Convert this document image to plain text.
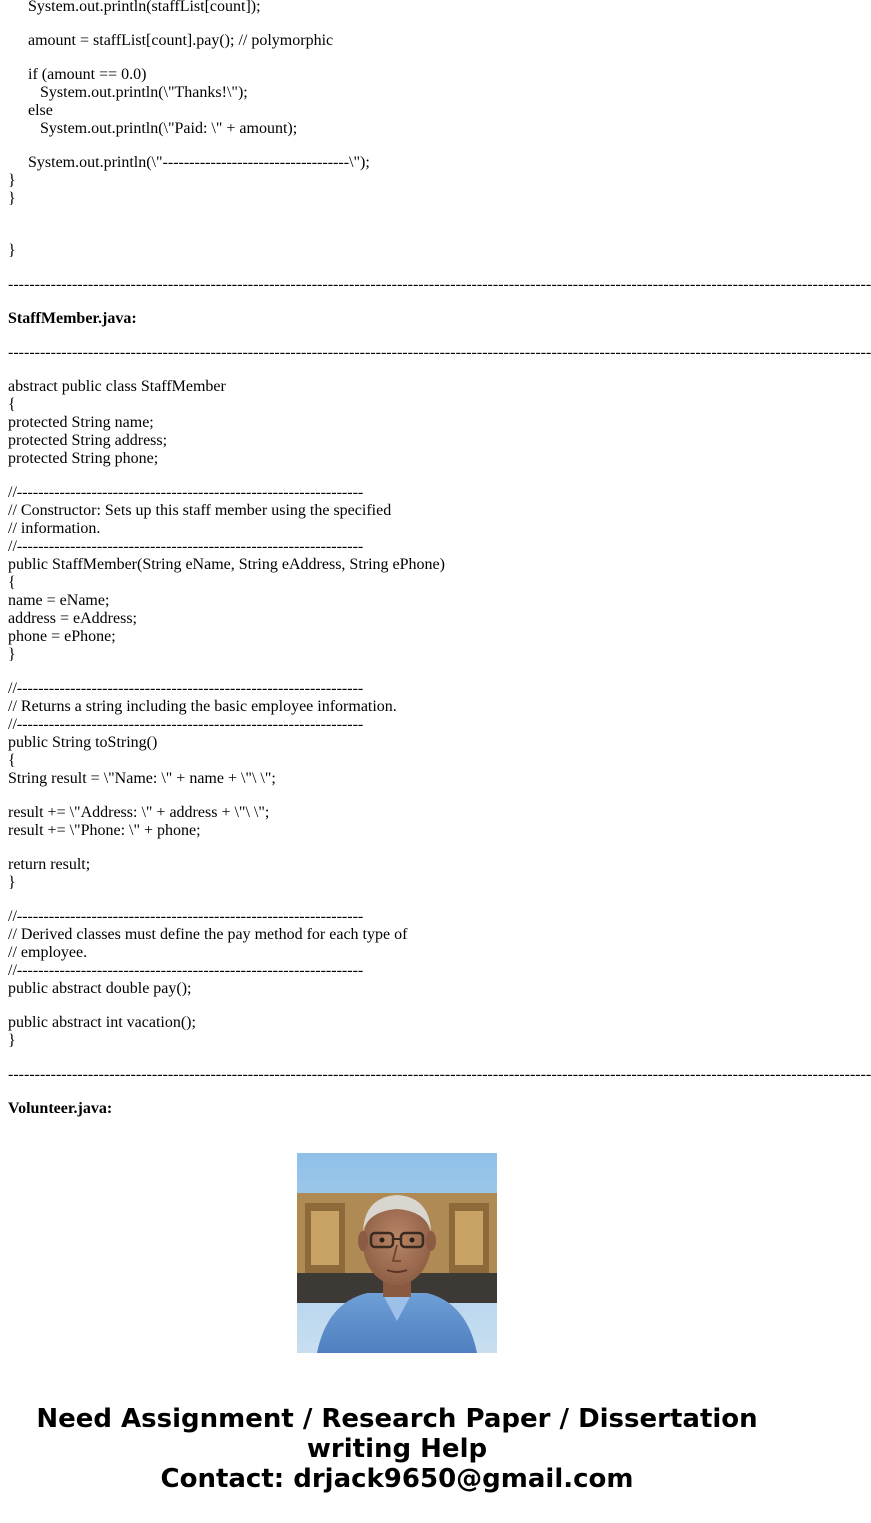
System.out.println(staffList[count]);
amount = staffList[count].pay(); // polymorphic
if (amount == 0.0)
System.out.println(\"Thanks!\");
else
System.out.println(\"Paid: \" + amount);
System.out.println(\"-----------------------------------\");
}
}
}
------------------------------------------------------------------------------------------------------------------------------------------------------------------
StaffMember.java:
------------------------------------------------------------------------------------------------------------------------------------------------------------------
abstract public class StaffMember
{
protected String name;
protected String address;
protected String phone;
//-----------------------------------------------------------------
// Constructor: Sets up this staff member using the specified
// information.
//-----------------------------------------------------------------
public StaffMember(String eName, String eAddress, String ePhone)
{
name = eName;
address = eAddress;
phone = ePhone;
}
//-----------------------------------------------------------------
// Returns a string including the basic employee information.
//-----------------------------------------------------------------
public String toString()
{
String result = \"Name: \" + name + \"\ \";
result += \"Address: \" + address + \"\ \";
result += \"Phone: \" + phone;
return result;
}
//-----------------------------------------------------------------
// Derived classes must define the pay method for each type of
// employee.
//-----------------------------------------------------------------
public abstract double pay();
public abstract int vacation();
}
------------------------------------------------------------------------------------------------------------------------------------------------------------------
Volunteer.java:
Need Assignment / Research Paper / Dissertation
writing Help
Contact: drjack9650@gmail.com
